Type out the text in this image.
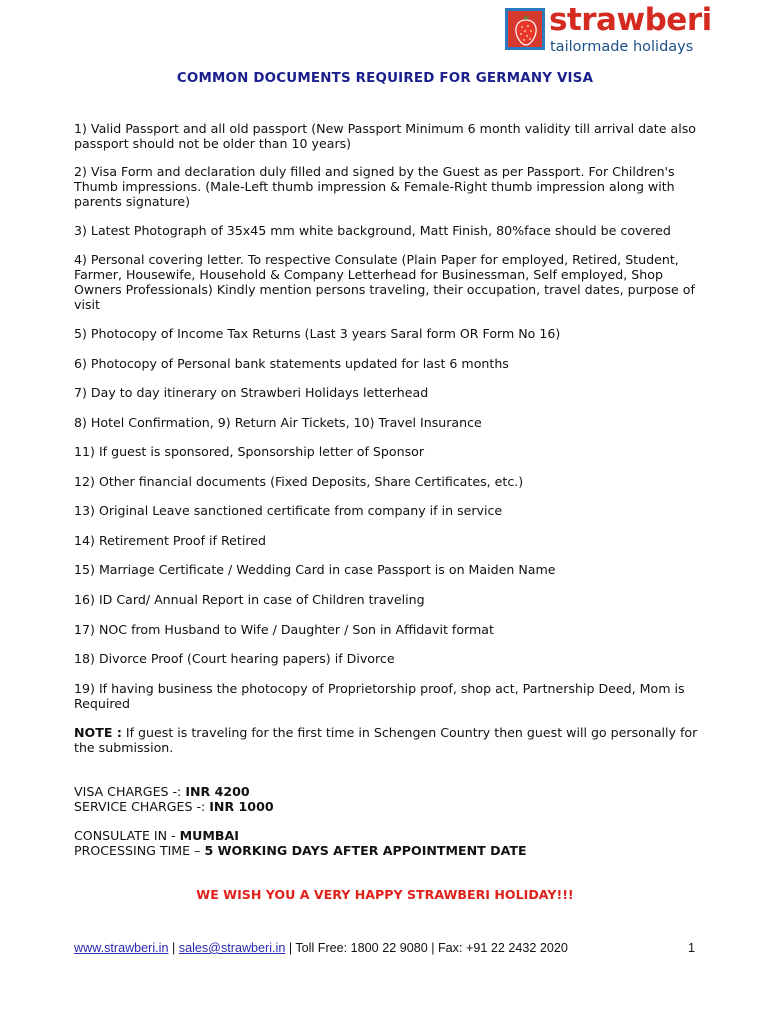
strawberi
tailormade holidays
COMMON DOCUMENTS REQUIRED FOR GERMANY VISA

1) Valid Passport and all old passport (New Passport Minimum 6 month validity till arrival date also passport should not be older than 10 years)

2) Visa Form and declaration duly filled and signed by the Guest as per Passport. For Children's Thumb impressions. (Male-Left thumb impression & Female-Right thumb impression along with parents signature)

3) Latest Photograph of 35x45 mm white background, Matt Finish, 80%face should be covered

4) Personal covering letter. To respective Consulate (Plain Paper for employed, Retired, Student, Farmer, Housewife, Household & Company Letterhead for Businessman, Self employed, Shop Owners Professionals) Kindly mention persons traveling, their occupation, travel dates, purpose of visit

5) Photocopy of Income Tax Returns (Last 3 years Saral form OR Form No 16)

6) Photocopy of Personal bank statements updated for last 6 months

7) Day to day itinerary on Strawberi Holidays letterhead

8) Hotel Confirmation, 9) Return Air Tickets, 10) Travel Insurance

11) If guest is sponsored, Sponsorship letter of Sponsor

12) Other financial documents (Fixed Deposits, Share Certificates, etc.)

13) Original Leave sanctioned certificate from company if in service

14) Retirement Proof if Retired

15) Marriage Certificate / Wedding Card in case Passport is on Maiden Name

16) ID Card/ Annual Report in case of Children traveling

17) NOC from Husband to Wife / Daughter / Son in Affidavit format

18) Divorce Proof (Court hearing papers) if Divorce

19) If having business the photocopy of Proprietorship proof, shop act, Partnership Deed, Mom is Required

NOTE : If guest is traveling for the first time in Schengen Country then guest will go personally for the submission.

VISA CHARGES -: INR 4200

SERVICE CHARGES -: INR 1000

CONSULATE IN - MUMBAI

PROCESSING TIME – 5 WORKING DAYS AFTER APPOINTMENT DATE

WE WISH YOU A VERY HAPPY STRAWBERI HOLIDAY!!!
www.strawberi.in | sales@strawberi.in | Toll Free: 1800 22 9080 | Fax: +91 22 2432 2020	1
